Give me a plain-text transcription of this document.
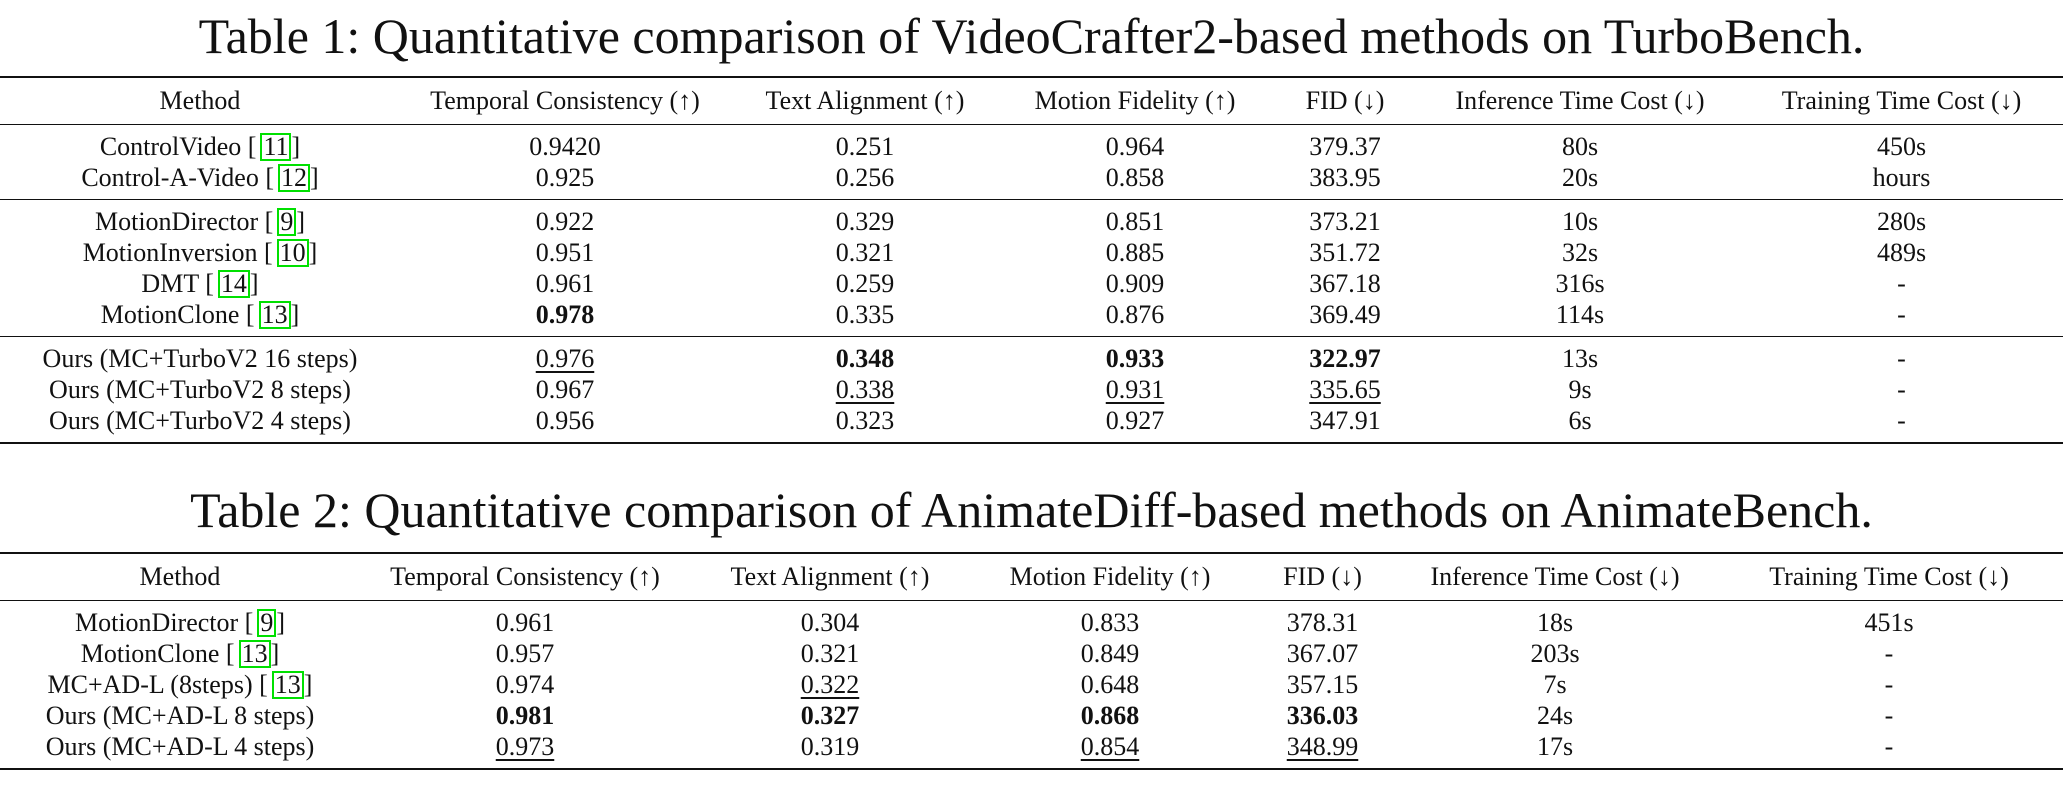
Table 1: Quantitative comparison of VideoCrafter2-based methods on TurboBench.
Method	Temporal Consistency (↑)	Text Alignment (↑)	Motion Fidelity (↑)	FID (↓)	Inference Time Cost (↓)	Training Time Cost (↓)
ControlVideo [ 11 ]	0.9420	0.251	0.964	379.37	80s	450s
Control-A-Video [ 12 ]	0.925	0.256	0.858	383.95	20s	hours
MotionDirector [ 9 ]	0.922	0.329	0.851	373.21	10s	280s
MotionInversion [ 10 ]	0.951	0.321	0.885	351.72	32s	489s
DMT [ 14 ]	0.961	0.259	0.909	367.18	316s	-
MotionClone [ 13 ]	0.978	0.335	0.876	369.49	114s	-
Ours (MC+TurboV2 16 steps)	0.976	0.348	0.933	322.97	13s	-
Ours (MC+TurboV2 8 steps)	0.967	0.338	0.931	335.65	9s	-
Ours (MC+TurboV2 4 steps)	0.956	0.323	0.927	347.91	6s	-
Table 2: Quantitative comparison of AnimateDiff-based methods on AnimateBench.
Method	Temporal Consistency (↑)	Text Alignment (↑)	Motion Fidelity (↑)	FID (↓)	Inference Time Cost (↓)	Training Time Cost (↓)
MotionDirector [ 9 ]	0.961	0.304	0.833	378.31	18s	451s
MotionClone [ 13 ]	0.957	0.321	0.849	367.07	203s	-
MC+AD-L (8steps) [ 13 ]	0.974	0.322	0.648	357.15	7s	-
Ours (MC+AD-L 8 steps)	0.981	0.327	0.868	336.03	24s	-
Ours (MC+AD-L 4 steps)	0.973	0.319	0.854	348.99	17s	-
